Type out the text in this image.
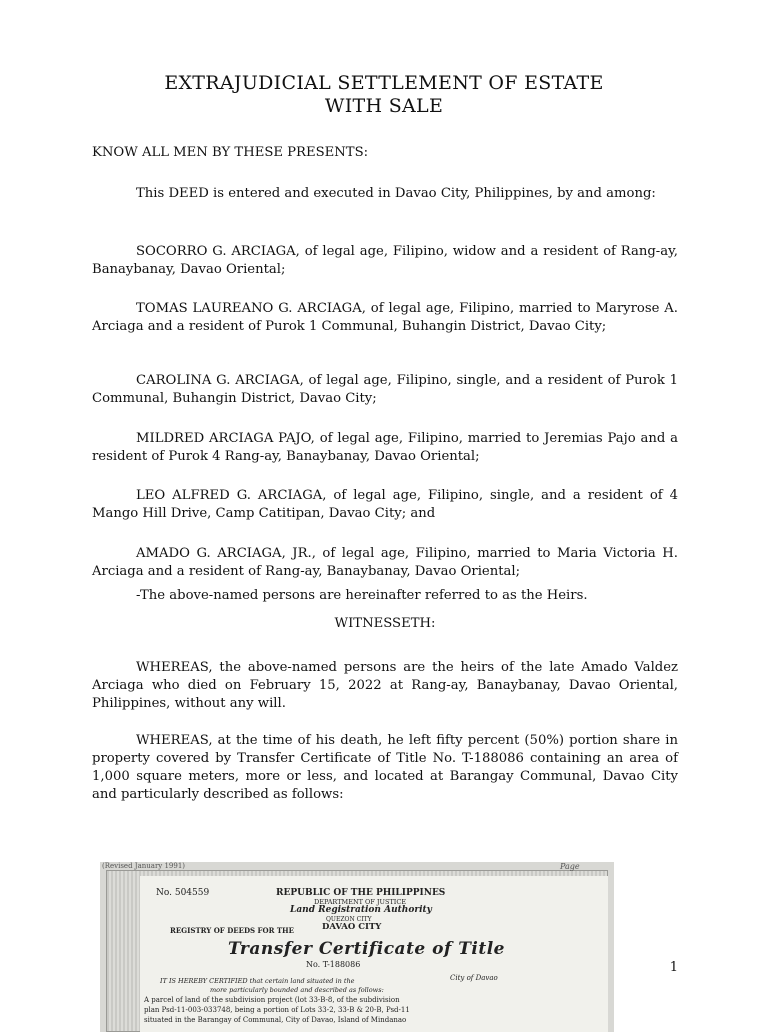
EXTRAJUDICIAL SETTLEMENT OF ESTATE
WITH SALE
KNOW ALL MEN BY THESE PRESENTS:
This DEED is entered and executed in Davao City, Philippines, by and among:
SOCORRO G. ARCIAGA, of legal age, Filipino, widow and a resident of Rang-ay, Banaybanay, Davao Oriental;
TOMAS LAUREANO G. ARCIAGA, of legal age, Filipino, married to Maryrose A. Arciaga and a resident of Purok 1 Communal, Buhangin District, Davao City;
CAROLINA G. ARCIAGA, of legal age, Filipino, single, and a resident of Purok 1 Communal, Buhangin District, Davao City;
MILDRED ARCIAGA PAJO, of legal age, Filipino, married to Jeremias Pajo and a resident of Purok 4 Rang-ay, Banaybanay, Davao Oriental;
LEO ALFRED G. ARCIAGA, of legal age, Filipino, single, and a resident of 4 Mango Hill Drive, Camp Catitipan, Davao City; and
AMADO G. ARCIAGA, JR., of legal age, Filipino, married to Maria Victoria H. Arciaga and a resident of Rang-ay, Banaybanay, Davao Oriental;
-The above-named persons are hereinafter referred to as the Heirs.
WITNESSETH:
WHEREAS, the above-named persons are the heirs of the late Amado Valdez Arciaga who died on February 15, 2022 at Rang-ay, Banaybanay, Davao Oriental, Philippines, without any will.
WHEREAS, at the time of his death, he left fifty percent (50%) portion share in property covered by Transfer Certificate of Title No. T-188086 containing an area of 1,000 square meters, more or less, and located at Barangay Communal, Davao City and particularly described as follows:
(Revised January 1991)	Page
No. 504559	REPUBLIC OF THE PHILIPPINES
DEPARTMENT OF JUSTICE
Land Registration Authority
QUEZON CITY
REGISTRY OF DEEDS FOR THE	DAVAO CITY
Transfer Certificate of Title
No. T-188086
IT IS HEREBY CERTIFIED that certain land situated in the	City of Davao
more particularly bounded and described as follows:
A parcel of land of the subdivision project (lot 33-B-8, of the subdivision
plan Psd-11-003-033748, being a portion of Lots 33-2, 33-B & 20-B, Psd-11
situated in the Barangay of Communal, City of Davao, Island of Mindanao
1
